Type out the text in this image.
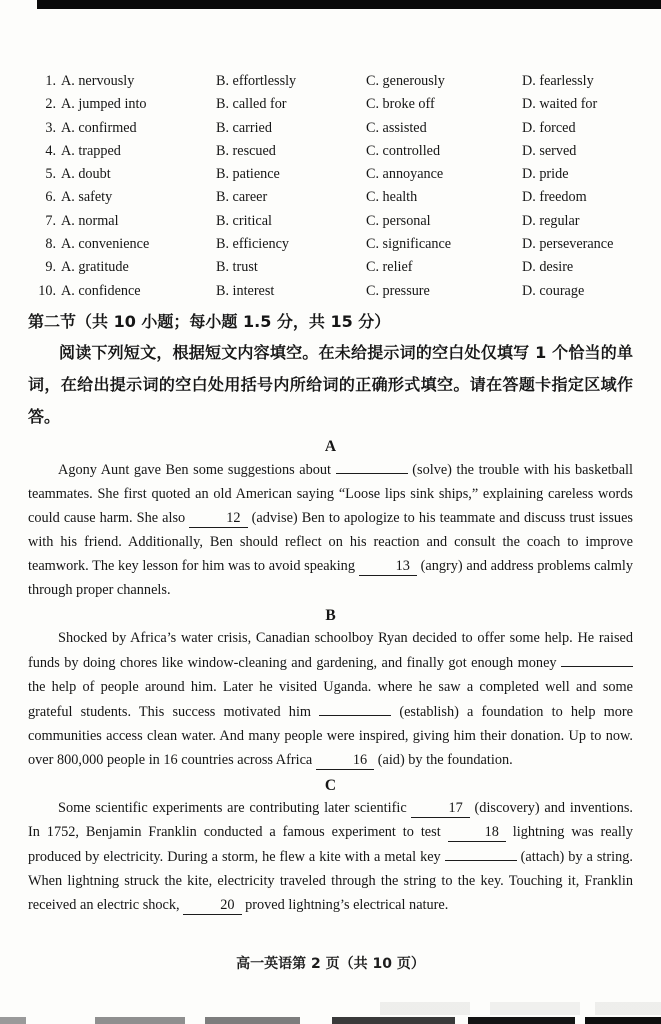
1. A. nervously	B. effortlessly	C. generously	D. fearlessly
2. A. jumped into	B. called for	C. broke off	D. waited for
3. A. confirmed	B. carried	C. assisted	D. forced
4. A. trapped	B. rescued	C. controlled	D. served
5. A. doubt	B. patience	C. annoyance	D. pride
6. A. safety	B. career	C. health	D. freedom
7. A. normal	B. critical	C. personal	D. regular
8. A. convenience	B. efficiency	C. significance	D. perseverance
9. A. gratitude	B. trust	C. relief	D. desire
10. A. confidence	B. interest	C. pressure	D. courage
第二节（共 10 小题；每小题 1.5 分，共 15 分）

阅读下列短文，根据短文内容填空。在未给提示词的空白处仅填写 1 个恰当的单词，在给出提示词的空白处用括号内所给词的正确形式填空。请在答题卡指定区域作答。

A

Agony Aunt gave Ben some suggestions about	(solve) the trouble with his basketball teammates. She first quoted an old American saying “Loose lips sink ships,” explaining careless words could cause harm. She also	12 (advise) Ben to apologize to his teammate and discuss trust issues with his friend. Additionally, Ben should reflect on his reaction and consult the coach to improve teamwork. The key lesson for him was to avoid speaking	13 (angry) and address problems calmly through proper channels.

B

Shocked by Africa’s water crisis, Canadian schoolboy Ryan decided to offer some help. He raised funds by doing chores like window-cleaning and gardening, and finally got enough money  the help of people around him. Later he visited Uganda. where he saw a completed well and some grateful students. This success motivated him	(establish) a foundation to help more communities access clean water. And many people were inspired, giving him their donation. Up to now. over 800,000 people in 16 countries across Africa	16 (aid) by the foundation.

C

Some scientific experiments are contributing later scientific	17 (discovery) and inventions. In 1752, Benjamin Franklin conducted a famous experiment to test	18 lightning was really produced by electricity. During a storm, he flew a kite with a metal key	(attach) by a string. When lightning struck the kite, electricity traveled through the string to the key. Touching it, Franklin received an electric shock,	20 proved lightning’s electrical nature.

高一英语第 2 页（共 10 页）
